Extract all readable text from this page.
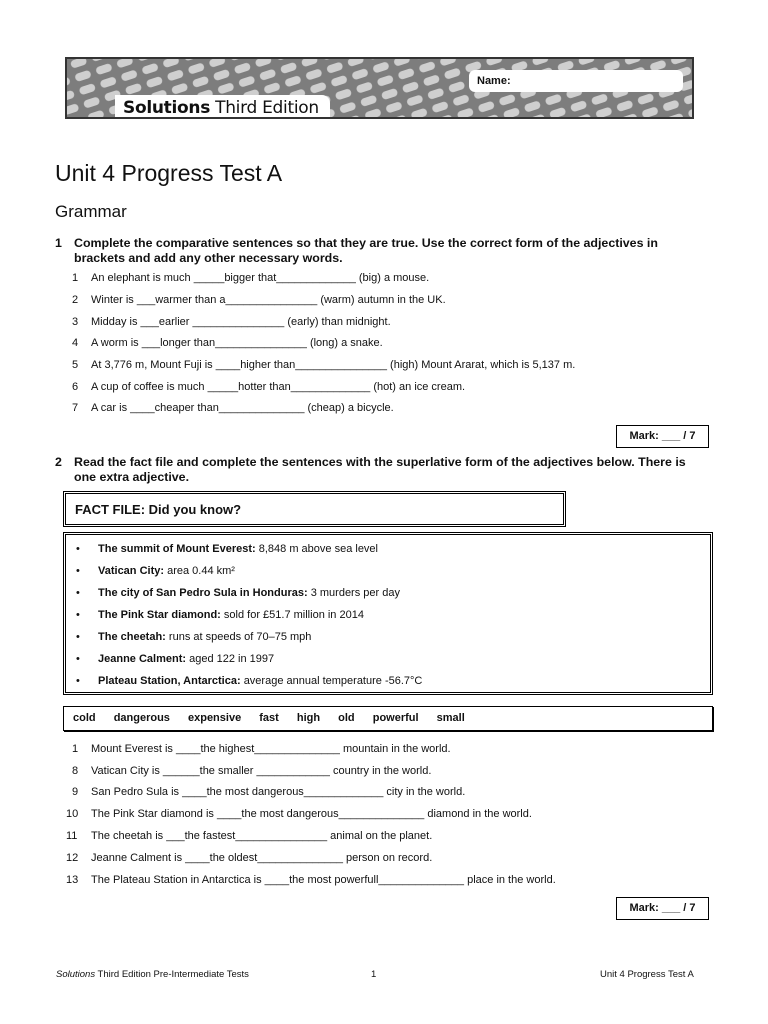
Name:
Solutions Third Edition
Unit 4 Progress Test A
Grammar
1 Complete the comparative sentences so that they are true. Use the correct form of the adjectives in brackets and add any other necessary words.
1 An elephant is much _____bigger that_____________ (big) a mouse.
2 Winter is ___warmer than a_______________ (warm) autumn in the UK.
3 Midday is ___earlier _______________ (early) than midnight.
4 A worm is ___longer than_______________ (long) a snake.
5 At 3,776 m, Mount Fuji is ____higher than_______________ (high) Mount Ararat, which is 5,137 m.
6 A cup of coffee is much _____hotter than_____________ (hot) an ice cream.
7 A car is ____cheaper than______________ (cheap) a bicycle.
Mark: ___ / 7
2 Read the fact file and complete the sentences with the superlative form of the adjectives below. There is one extra adjective.
FACT FILE: Did you know?
• The summit of Mount Everest: 8,848 m above sea level
• Vatican City: area 0.44 km²
• The city of San Pedro Sula in Honduras: 3 murders per day
• The Pink Star diamond: sold for £51.7 million in 2014
• The cheetah: runs at speeds of 70–75 mph
• Jeanne Calment: aged 122 in 1997
• Plateau Station, Antarctica: average annual temperature -56.7°C
cold dangerous expensive fast high old powerful small
1 Mount Everest is ____the highest______________ mountain in the world.
8 Vatican City is ______the smaller ____________ country in the world.
9 San Pedro Sula is ____the most dangerous_____________ city in the world.
10 The Pink Star diamond is ____the most dangerous______________ diamond in the world.
11 The cheetah is ___the fastest_______________ animal on the planet.
12 Jeanne Calment is ____the oldest______________ person on record.
13 The Plateau Station in Antarctica is ____the most powerfull______________ place in the world.
Mark: ___ / 7
Solutions Third Edition Pre-Intermediate Tests	1	Unit 4 Progress Test A
